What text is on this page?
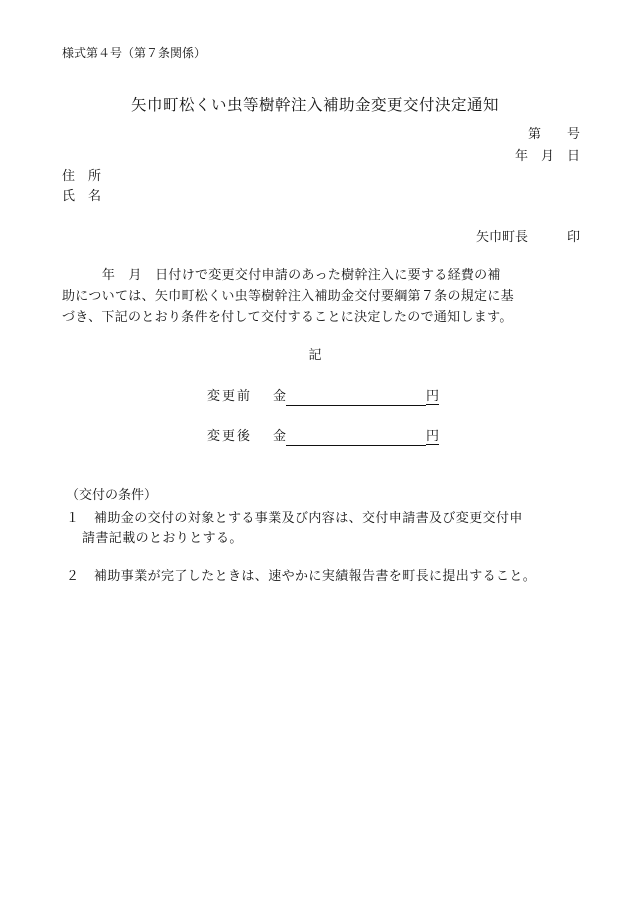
様式第４号（第７条関係）
矢巾町松くい虫等樹幹注入補助金変更交付決定通知
第　　号
年　月　日
住　所
氏　名
矢巾町長　　　印
　　　年　月　日付けで変更交付申請のあった樹幹注入に要する経費の補
助については、矢巾町松くい虫等樹幹注入補助金交付要綱第７条の規定に基
づき、下記のとおり条件を付して交付することに決定したので通知します。
記
変更前 金	円
変更後 金	円
（交付の条件）
１ 補助金の交付の対象とする事業及び内容は、交付申請書及び変更交付申
請書記載のとおりとする。
２ 補助事業が完了したときは、速やかに実績報告書を町長に提出すること。
